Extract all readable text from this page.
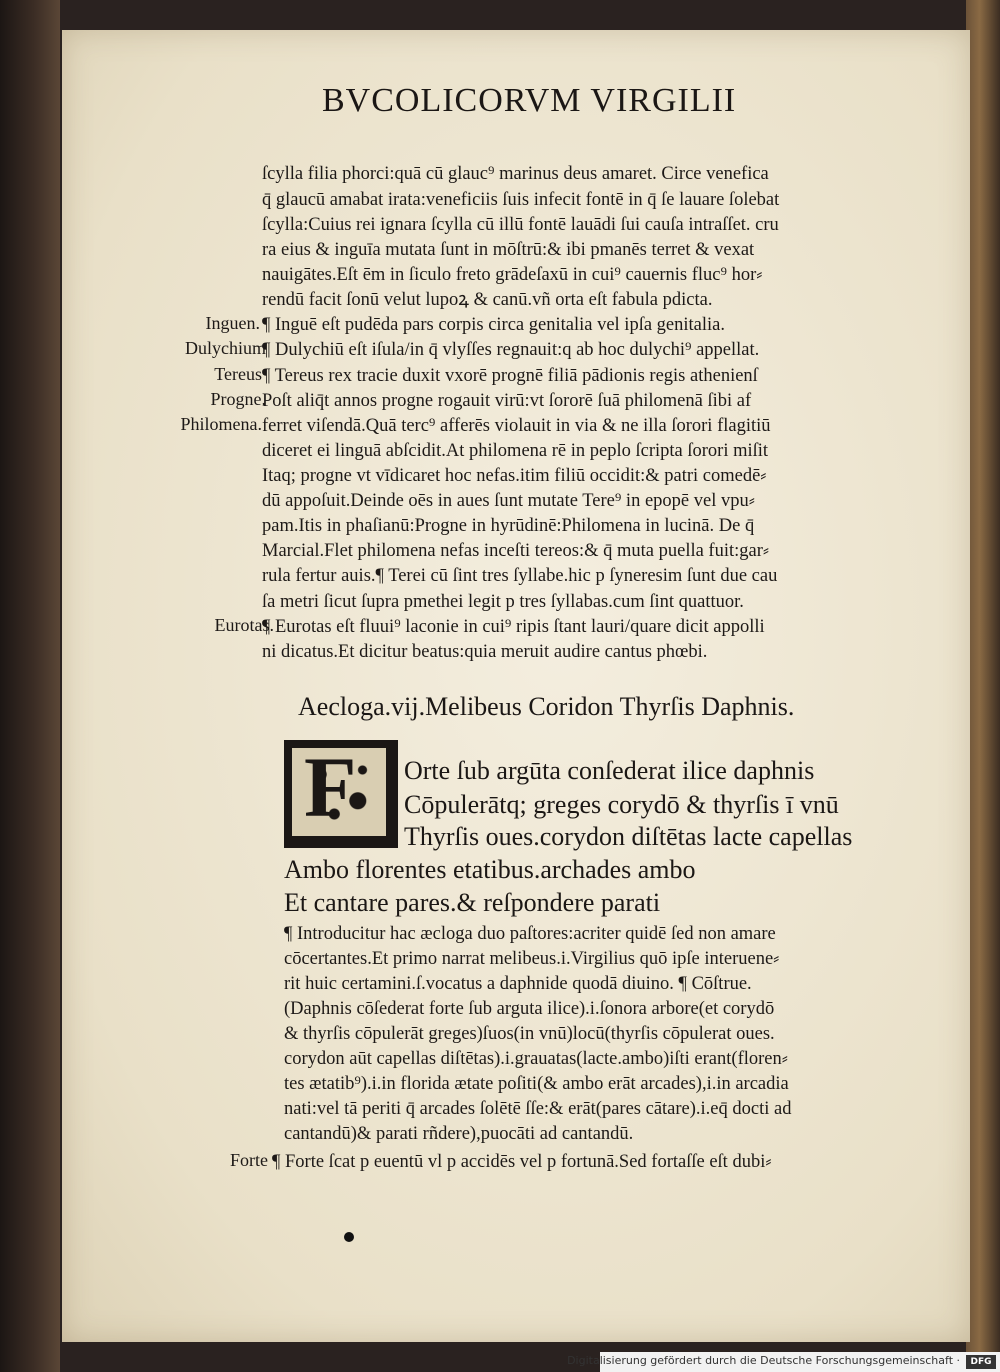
BVCOLICORVM VIRGILII
ſcylla filia phorci:quā cū glauc⁹ marinus deus amaret. Circe venefica
q̄ glaucū amabat irata:veneficiis ſuis infecit fontē in q̄ ſe lauare ſolebat
ſcylla:Cuius rei ignara ſcylla cū illū fontē lauādi ſui cauſa intraſſet. cru
ra eius & inguīa mutata ſunt in mōſtrū:& ibi pmanēs terret & vexat
nauigātes.Eſt ēm in ſiculo freto grādeſaxū in cui⁹ cauernis fluc⁹ hor⸗
rendū facit ſonū velut lupoꝝ & canū.vñ orta eſt fabula pdicta.
¶ Inguē eſt pudēda pars corpis circa genitalia vel ipſa genitalia.
¶ Dulychiū eſt iſula/in q̄ vlyſſes regnauit:q ab hoc dulychi⁹ appellat.
¶ Tereus rex tracie duxit vxorē prognē filiā pādionis regis athenienſ
Poſt aliq̄t annos progne rogauit virū:vt ſororē ſuā philomenā ſibi af
ferret viſendā.Quā terc⁹ afferēs violauit in via & ne illa ſorori flagitiū
diceret ei linguā abſcidit.At philomena rē in peplo ſcripta ſorori miſit
Itaq; progne vt vīdicaret hoc nefas.itim filiū occidit:& patri comedē⸗
dū appoſuit.Deinde oēs in aues ſunt mutate Tere⁹ in epopē vel vpu⸗
pam.Itis in phaſianū:Progne in hyrūdinē:Philomena in lucinā. De q̄
Marcial.Flet philomena nefas inceſti tereos:& q̄ muta puella fuit:gar⸗
rula fertur auis.¶ Terei cū ſint tres ſyllabe.hic p ſyneresim ſunt due cau
ſa metri ſicut ſupra pmethei legit p tres ſyllabas.cum ſint quattuor.
¶ Eurotas eſt fluui⁹ laconie in cui⁹ ripis ſtant lauri/quare dicit appolli
ni dicatus.Et dicitur beatus:quia meruit audire cantus phœbi.
Inguen.
Dulychium
Tereus
Progne.
Philomena.
Eurotas.
Aecloga.vij.Melibeus Coridon Thyrſis Daphnis.
F Orte ſub argūta conſederat ilice daphnis
Cōpulerātq; greges corydō & thyrſis ī vnū
Thyrſis oues.corydon diſtētas lacte capellas
Ambo florentes etatibus.archades ambo
Et cantare pares.& reſpondere parati
¶ Introducitur hac æcloga duo paſtores:acriter quidē ſed non amare
cōcertantes.Et primo narrat melibeus.i.Virgilius quō ipſe interuene⸗
rit huic certamini.ſ.vocatus a daphnide quodā diuino. ¶ Cōſtrue.
(Daphnis cōſederat forte ſub arguta ilice).i.ſonora arbore(et corydō
& thyrſis cōpulerāt greges)ſuos(in vnū)locū(thyrſis cōpulerat oues.
corydon aūt capellas diſtētas).i.grauatas(lacte.ambo)iſti erant(floren⸗
tes ætatib⁹).i.in florida ætate poſiti(& ambo erāt arcades),i.in arcadia
nati:vel tā periti q̄ arcades ſolētē ſſe:& erāt(pares cātare).i.eq̄ docti ad
cantandū)& parati rñdere),puocāti ad cantandū.
Forte ¶ Forte ſcat p euentū vl p accidēs vel p fortunā.Sed fortaſſe eſt dubi⸗
Digitalisierung gefördert durch die Deutsche Forschungsgemeinschaft ·	DFG
